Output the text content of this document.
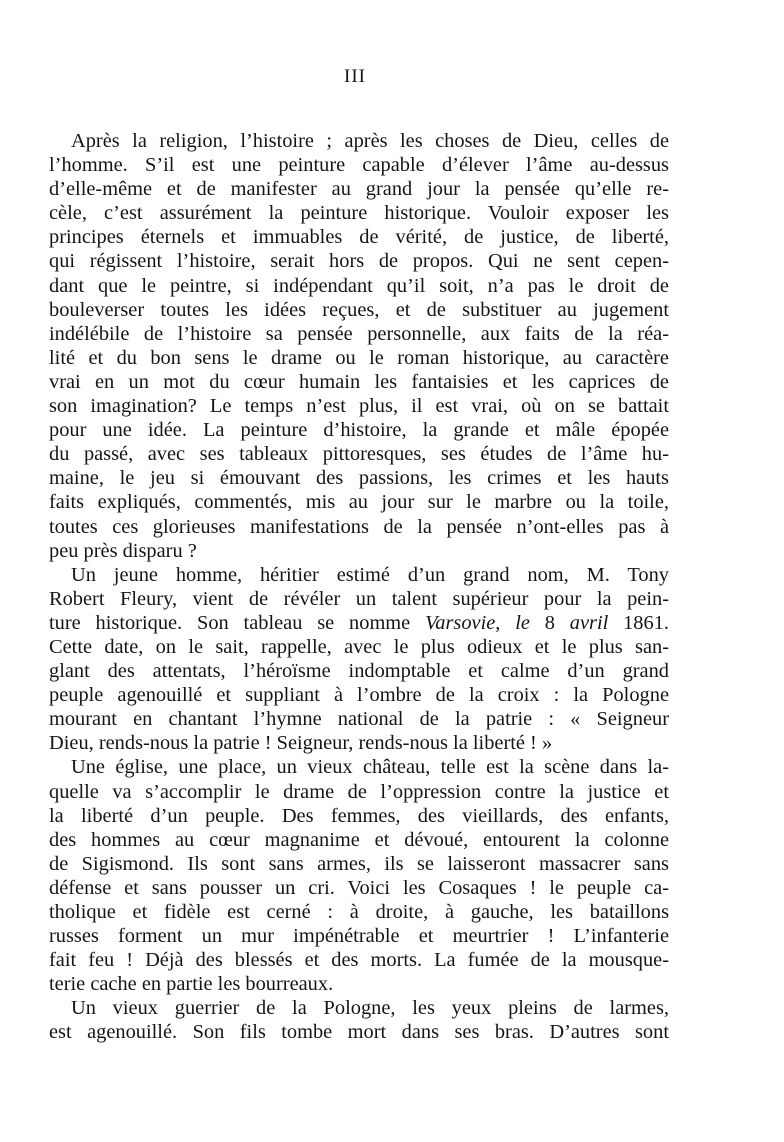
III
Après la religion, l’histoire ; après les choses de Dieu, celles de
l’homme. S’il est une peinture capable d’élever l’âme au-dessus
d’elle-même et de manifester au grand jour la pensée qu’elle re-
cèle, c’est assurément la peinture historique. Vouloir exposer les
principes éternels et immuables de vérité, de justice, de liberté,
qui régissent l’histoire, serait hors de propos. Qui ne sent cepen-
dant que le peintre, si indépendant qu’il soit, n’a pas le droit de
bouleverser toutes les idées reçues, et de substituer au jugement
indélébile de l’histoire sa pensée personnelle, aux faits de la réa-
lité et du bon sens le drame ou le roman historique, au caractère
vrai en un mot du cœur humain les fantaisies et les caprices de
son imagination? Le temps n’est plus, il est vrai, où on se battait
pour une idée. La peinture d’histoire, la grande et mâle épopée
du passé, avec ses tableaux pittoresques, ses études de l’âme hu-
maine, le jeu si émouvant des passions, les crimes et les hauts
faits expliqués, commentés, mis au jour sur le marbre ou la toile,
toutes ces glorieuses manifestations de la pensée n’ont-elles pas à
peu près disparu ?
Un jeune homme, héritier estimé d’un grand nom, M. Tony
Robert Fleury, vient de révéler un talent supérieur pour la pein-
ture historique. Son tableau se nomme Varsovie, le 8 avril 1861.
Cette date, on le sait, rappelle, avec le plus odieux et le plus san-
glant des attentats, l’héroïsme indomptable et calme d’un grand
peuple agenouillé et suppliant à l’ombre de la croix : la Pologne
mourant en chantant l’hymne national de la patrie : « Seigneur
Dieu, rends-nous la patrie ! Seigneur, rends-nous la liberté ! »
Une église, une place, un vieux château, telle est la scène dans la-
quelle va s’accomplir le drame de l’oppression contre la justice et
la liberté d’un peuple. Des femmes, des vieillards, des enfants,
des hommes au cœur magnanime et dévoué, entourent la colonne
de Sigismond. Ils sont sans armes, ils se laisseront massacrer sans
défense et sans pousser un cri. Voici les Cosaques ! le peuple ca-
tholique et fidèle est cerné : à droite, à gauche, les bataillons
russes forment un mur impénétrable et meurtrier ! L’infanterie
fait feu ! Déjà des blessés et des morts. La fumée de la mousque-
terie cache en partie les bourreaux.
Un vieux guerrier de la Pologne, les yeux pleins de larmes,
est agenouillé. Son fils tombe mort dans ses bras. D’autres sont
